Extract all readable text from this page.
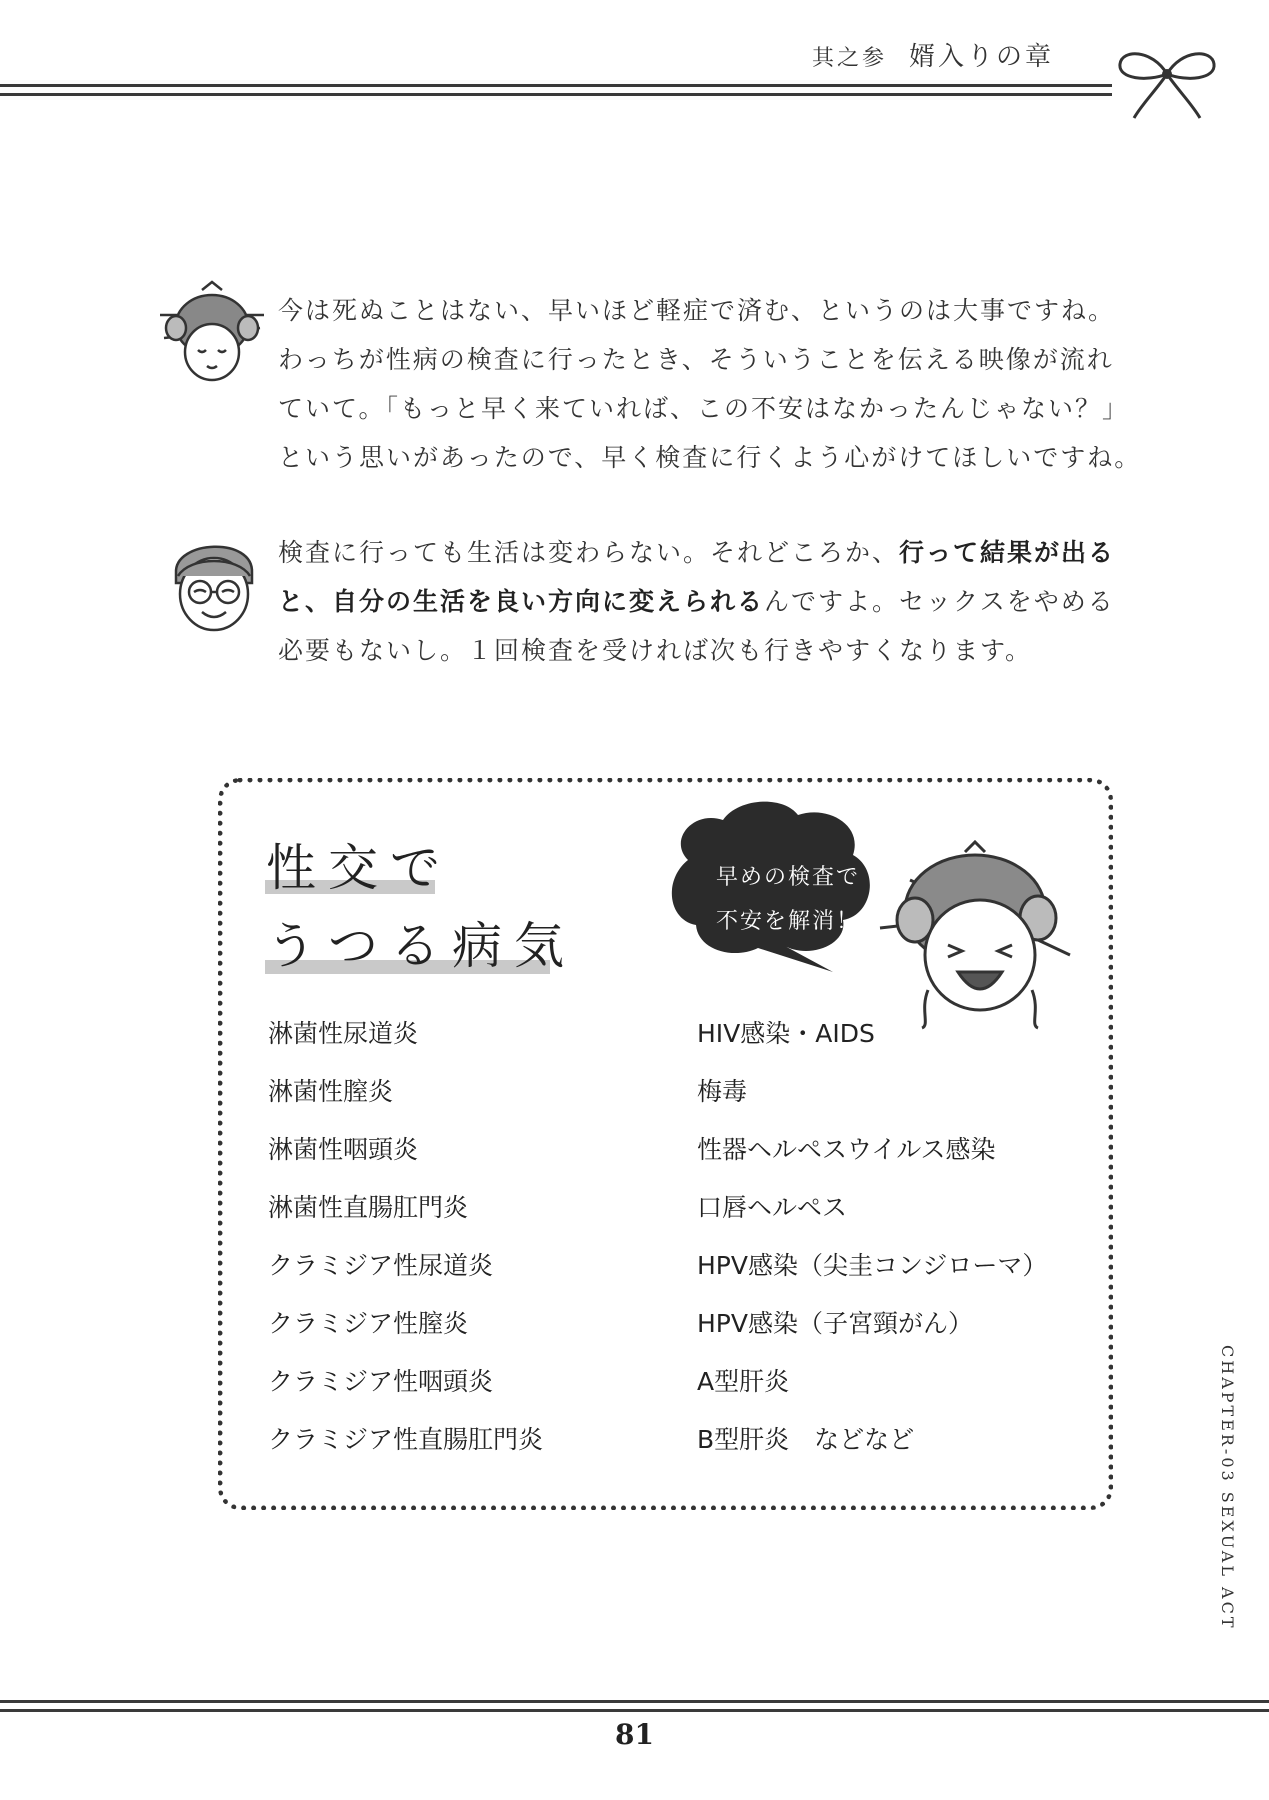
其之参 婿入りの章
今は死ぬことはない、早いほど軽症で済む、というのは大事ですね。
わっちが性病の検査に行ったとき、そういうことを伝える映像が流れ
ていて。「もっと早く来ていれば、この不安はなかったんじゃない？」
という思いがあったので、早く検査に行くよう心がけてほしいですね。
検査に行っても生活は変わらない。それどころか、行って結果が出る
と、自分の生活を良い方向に変えられるんですよ。セックスをやめる
必要もないし。１回検査を受ければ次も行きやすくなります。
性交で
うつる病気
早めの検査で
不安を解消！
淋菌性尿道炎
淋菌性膣炎
淋菌性咽頭炎
淋菌性直腸肛門炎
クラミジア性尿道炎
クラミジア性膣炎
クラミジア性咽頭炎
クラミジア性直腸肛門炎
HIV感染・AIDS
梅毒
性器ヘルペスウイルス感染
口唇ヘルペス
HPV感染（尖圭コンジローマ）
HPV感染（子宮頸がん）
A型肝炎
B型肝炎　などなど	CHAPTER-03 SEXUAL ACT
81
